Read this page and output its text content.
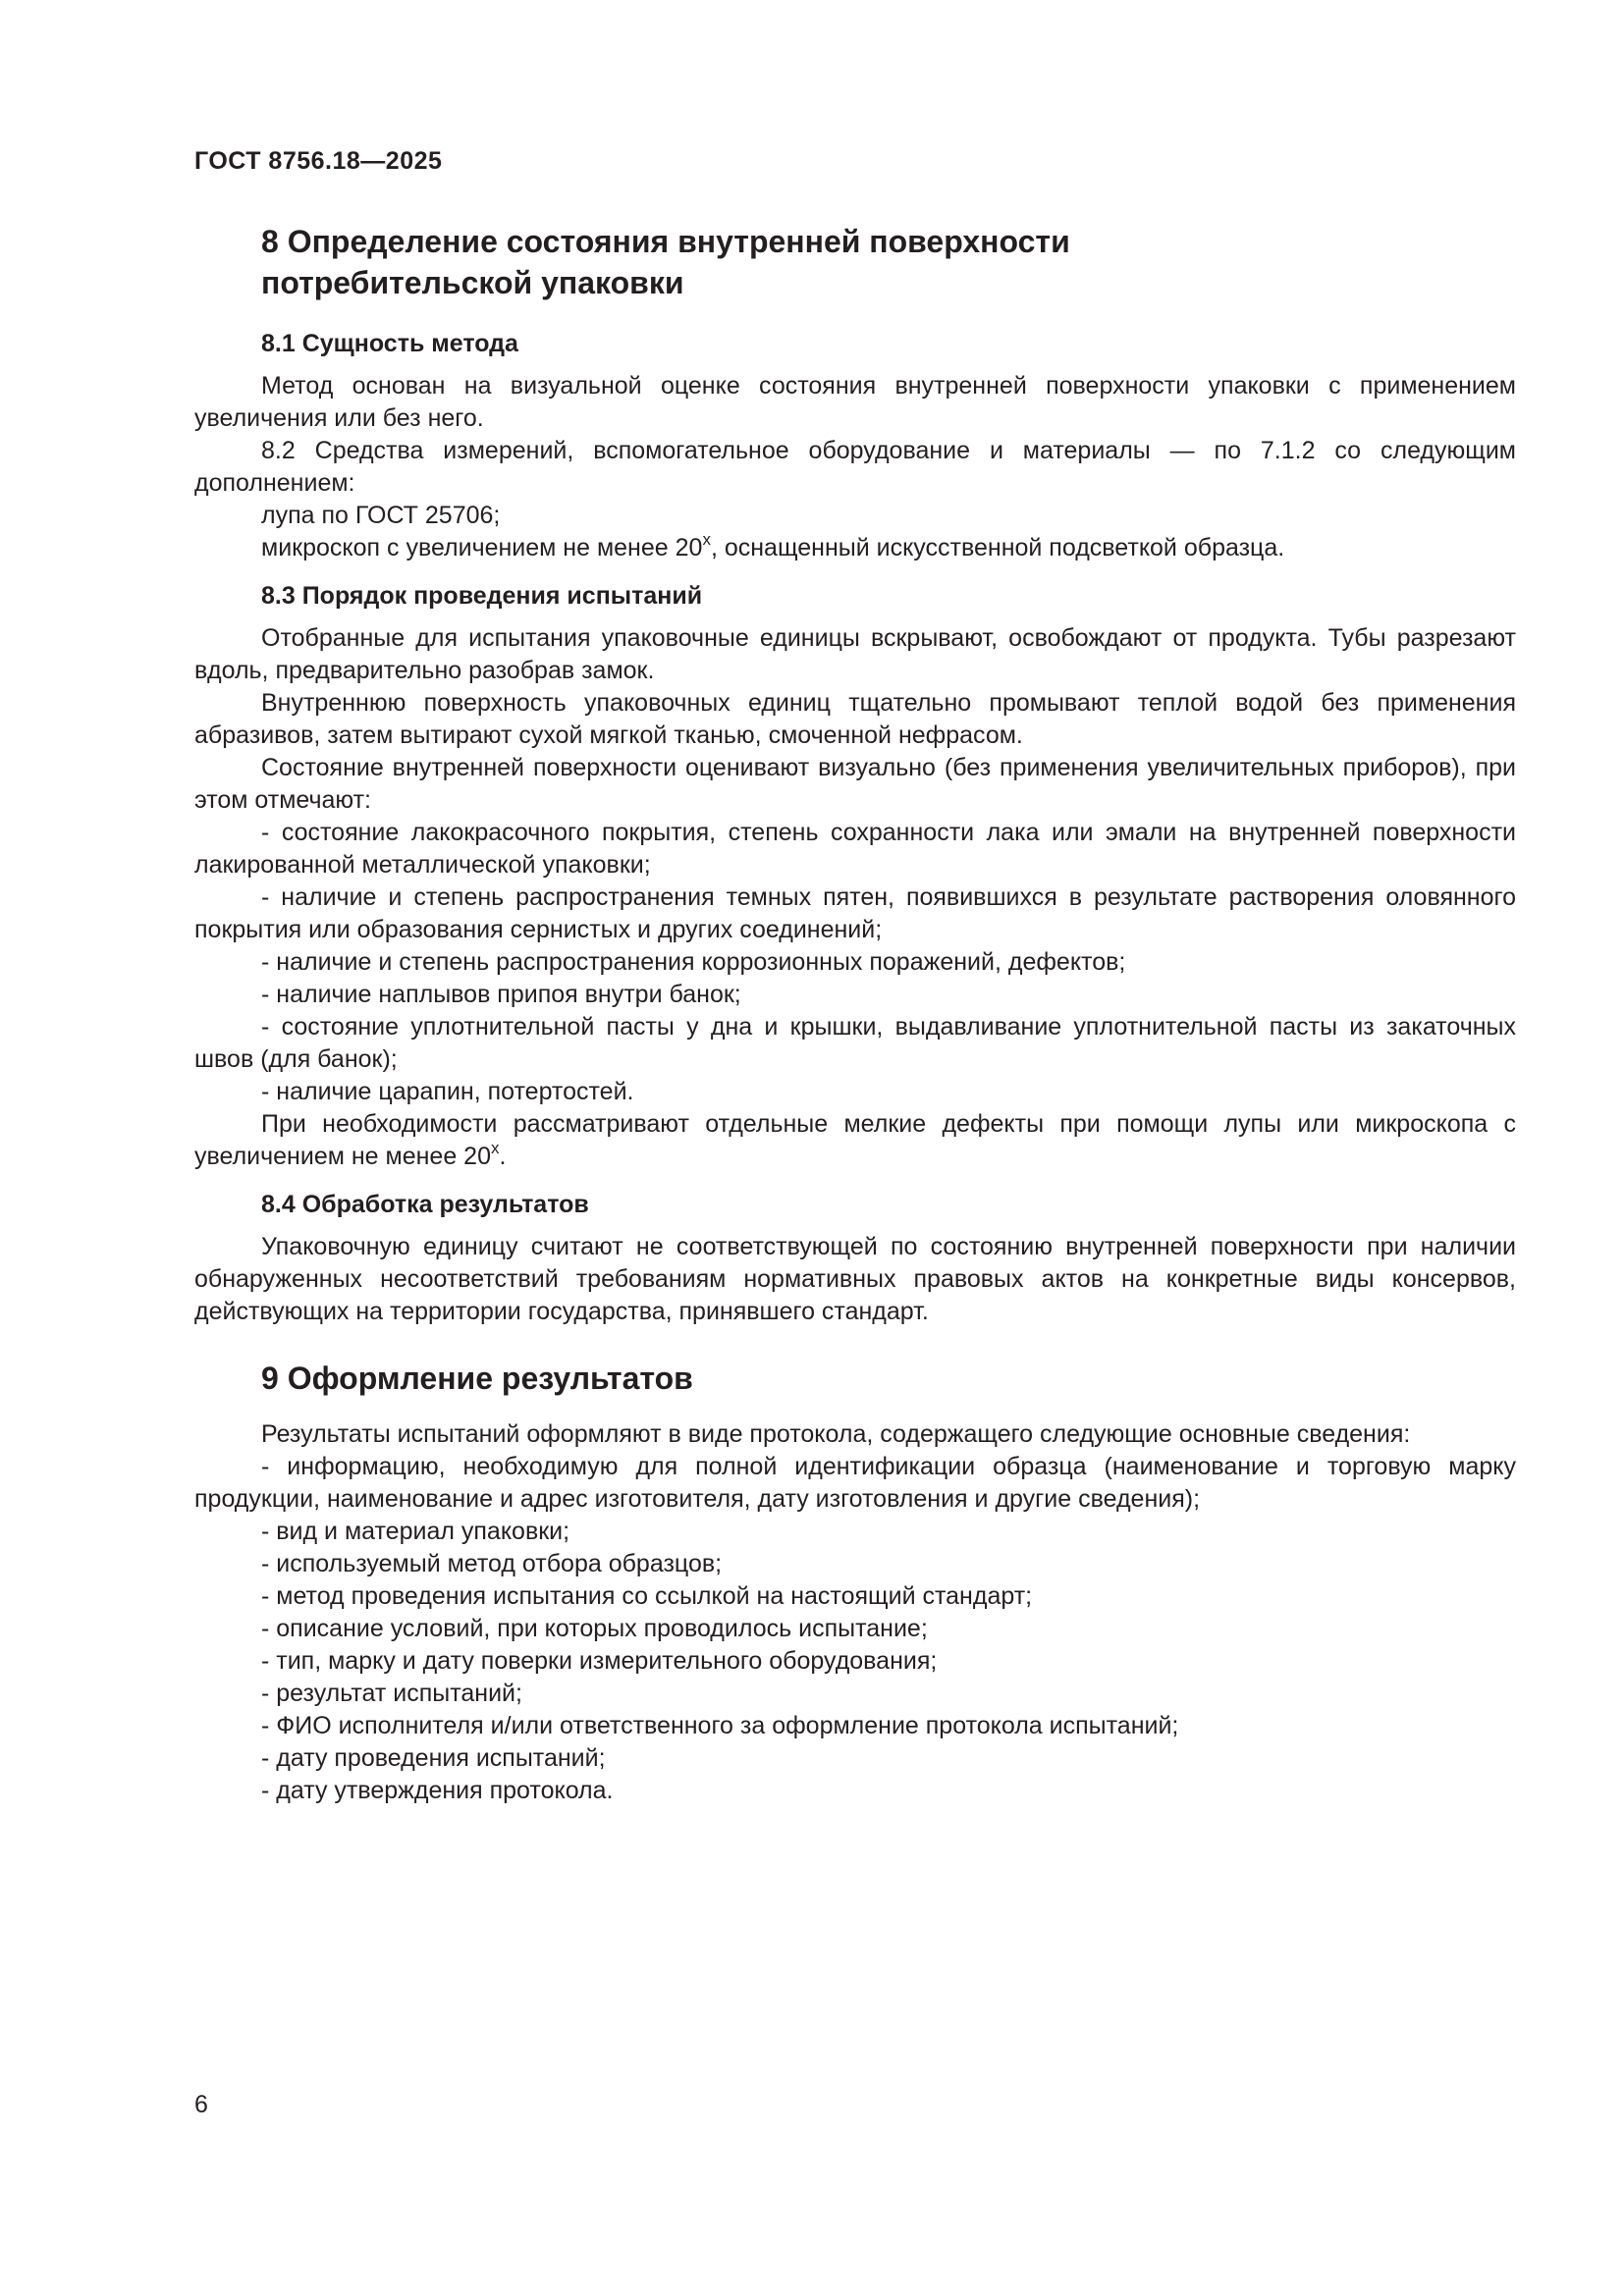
ГОСТ 8756.18—2025
8 Определение состояния внутренней поверхности
потребительской упаковки
8.1 Сущность метода

Метод основан на визуальной оценке состояния внутренней поверхности упаковки с применением увеличения или без него.

8.2 Средства измерений, вспомогательное оборудование и материалы — по 7.1.2 со следующим дополнением:

лупа по ГОСТ 25706;

микроскоп с увеличением не менее 20$^x$, оснащенный искусственной подсветкой образца.

8.3 Порядок проведения испытаний

Отобранные для испытания упаковочные единицы вскрывают, освобождают от продукта. Тубы разрезают вдоль, предварительно разобрав замок.

Внутреннюю поверхность упаковочных единиц тщательно промывают теплой водой без применения абразивов, затем вытирают сухой мягкой тканью, смоченной нефрасом.

Состояние внутренней поверхности оценивают визуально (без применения увеличительных приборов), при этом отмечают:

- состояние лакокрасочного покрытия, степень сохранности лака или эмали на внутренней поверхности лакированной металлической упаковки;

- наличие и степень распространения темных пятен, появившихся в результате растворения оловянного покрытия или образования сернистых и других соединений;

- наличие и степень распространения коррозионных поражений, дефектов;

- наличие наплывов припоя внутри банок;

- состояние уплотнительной пасты у дна и крышки, выдавливание уплотнительной пасты из закаточных швов (для банок);

- наличие царапин, потертостей.

При необходимости рассматривают отдельные мелкие дефекты при помощи лупы или микроскопа с увеличением не менее 20$^x$.

8.4 Обработка результатов

Упаковочную единицу считают не соответствующей по состоянию внутренней поверхности при наличии обнаруженных несоответствий требованиям нормативных правовых актов на конкретные виды консервов, действующих на территории государства, принявшего стандарт.

9 Оформление результатов

Результаты испытаний оформляют в виде протокола, содержащего следующие основные сведения:

- информацию, необходимую для полной идентификации образца (наименование и торговую марку продукции, наименование и адрес изготовителя, дату изготовления и другие сведения);

- вид и материал упаковки;

- используемый метод отбора образцов;

- метод проведения испытания со ссылкой на настоящий стандарт;

- описание условий, при которых проводилось испытание;

- тип, марку и дату поверки измерительного оборудования;

- результат испытаний;

- ФИО исполнителя и/или ответственного за оформление протокола испытаний;

- дату проведения испытаний;

- дату утверждения протокола.

6
